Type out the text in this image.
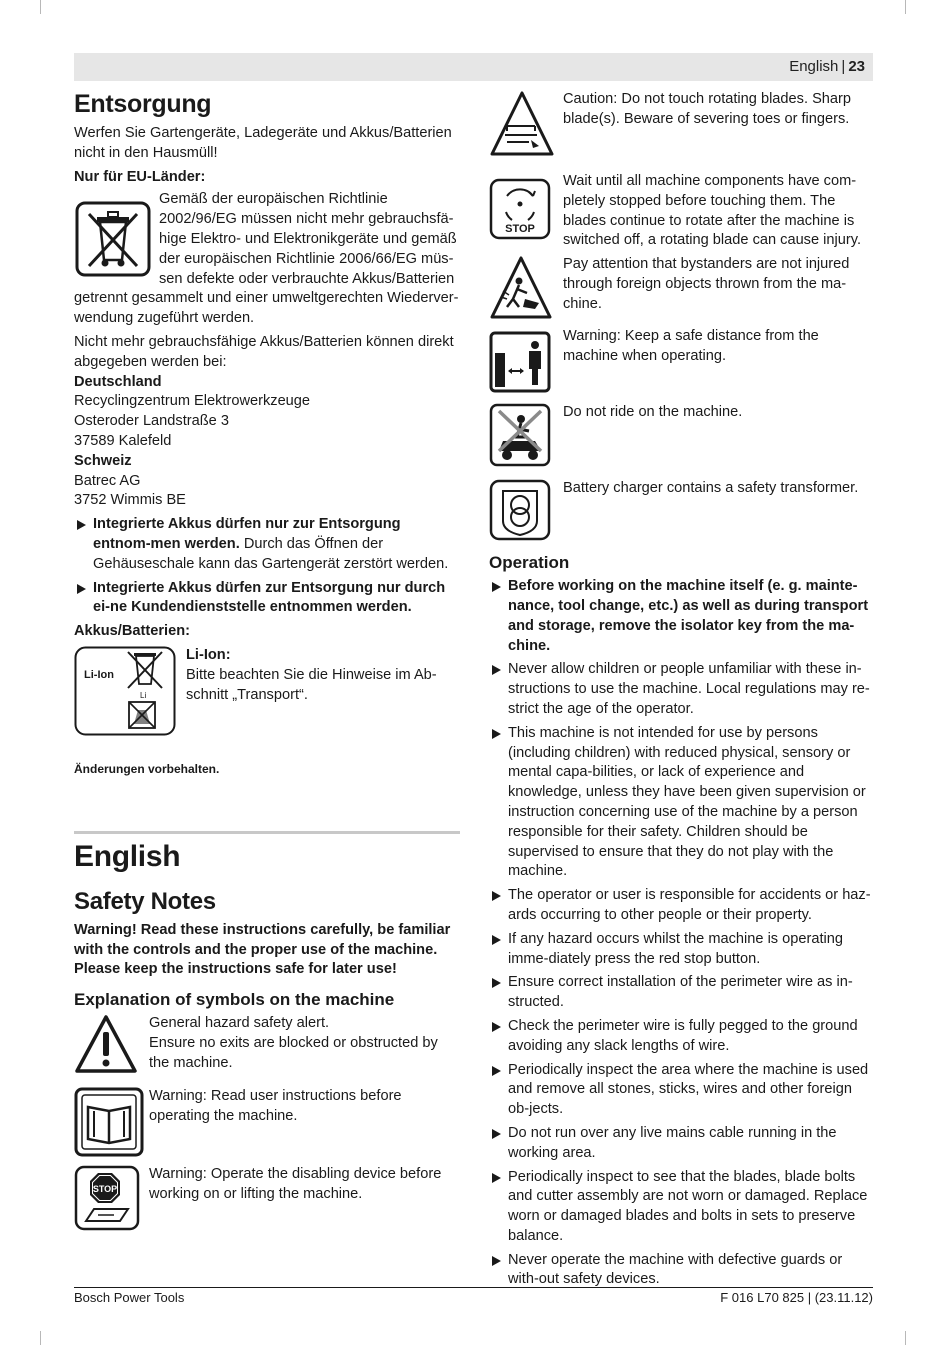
English | 23
Entsorgung

Werfen Sie Gartengeräte, Ladegeräte und Akkus/Batterien nicht in den Hausmüll!

Nur für EU-Länder:

Gemäß der europäischen Richtlinie
2002/96/EG müssen nicht mehr gebrauchsfä-
hige Elektro- und Elektronikgeräte und gemäß
der europäischen Richtlinie 2006/66/EG müs-
sen defekte oder verbrauchte Akkus/Batterien

getrennt gesammelt und einer umweltgerechten Wiederver-wendung zugeführt werden.

Nicht mehr gebrauchsfähige Akkus/Batterien können direkt abgegeben werden bei:

Deutschland

Recyclingzentrum Elektrowerkzeuge
Osteroder Landstraße 3
37589 Kalefeld

Schweiz

Batrec AG
3752 Wimmis BE
Integrierte Akkus dürfen nur zur Entsorgung entnom-men werden. Durch das Öffnen der Gehäuseschale kann das Gartengerät zerstört werden.
Integrierte Akkus dürfen zur Entsorgung nur durch ei-ne Kundendienststelle entnommen werden.

Akkus/Batterien:

Li-Ion
Li

Li-Ion:

Bitte beachten Sie die Hinweise im Ab-schnitt „Transport“.

Änderungen vorbehalten.

English
Safety Notes

Warning! Read these instructions carefully, be familiar with the controls and the proper use of the machine. Please keep the instructions safe for later use!

Explanation of symbols on the machine

General hazard safety alert.

Ensure no exits are blocked or obstructed by the machine.

Warning: Read user instructions before operating the machine.
STOP
Warning: Operate the disabling device before working on or lifting the machine.
Caution: Do not touch rotating blades. Sharp blade(s). Beware of severing toes or fingers.
STOP
Wait until all machine components have com-pletely stopped before touching them. The blades continue to rotate after the machine is switched off, a rotating blade can cause injury.
Pay attention that bystanders are not injured through foreign objects thrown from the ma-chine.
Warning: Keep a safe distance from the machine when operating.
Do not ride on the machine.
Battery charger contains a safety transformer.
Operation
Before working on the machine itself (e. g. mainte-nance, tool change, etc.) as well as during transport and storage, remove the isolator key from the ma-chine.
Never allow children or people unfamiliar with these in-structions to use the machine. Local regulations may re-strict the age of the operator.
This machine is not intended for use by persons (including children) with reduced physical, sensory or mental capa-bilities, or lack of experience and knowledge, unless they have been given supervision or instruction concerning use of the machine by a person responsible for their safety. Children should be supervised to ensure that they do not play with the machine.
The operator or user is responsible for accidents or haz-ards occurring to other people or their property.
If any hazard occurs whilst the machine is operating imme-diately press the red stop button.
Ensure correct installation of the perimeter wire as in-structed.
Check the perimeter wire is fully pegged to the ground avoiding any slack lengths of wire.
Periodically inspect the area where the machine is used and remove all stones, sticks, wires and other foreign ob-jects.
Do not run over any live mains cable running in the working area.
Periodically inspect to see that the blades, blade bolts and cutter assembly are not worn or damaged. Replace worn or damaged blades and bolts in sets to preserve balance.
Never operate the machine with defective guards or with-out safety devices.
Bosch Power Tools	F 016 L70 825 | (23.11.12)
